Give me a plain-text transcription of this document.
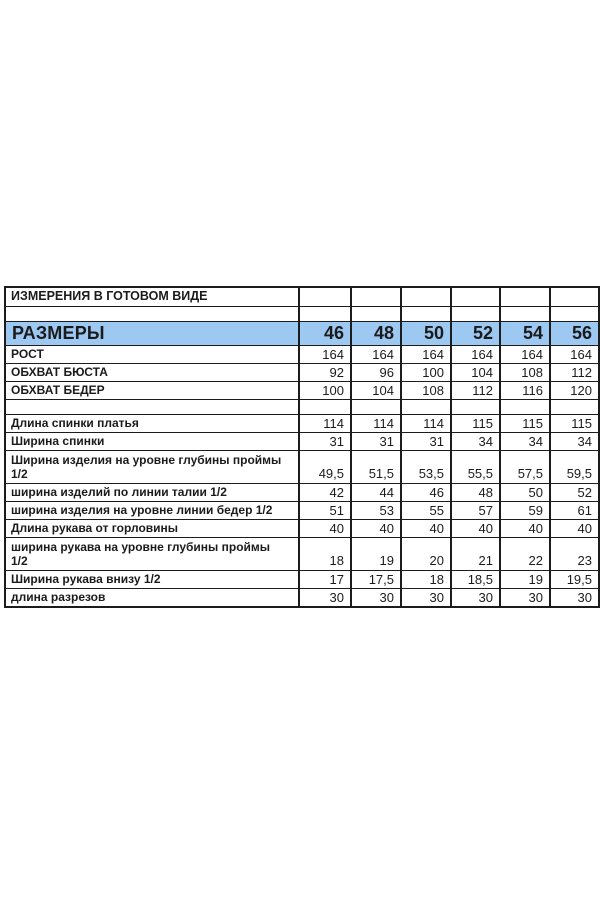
ИЗМЕРЕНИЯ В ГОТОВОМ ВИДЕ						

РАЗМЕРЫ	46	48	50	52	54	56
РОСТ	164	164	164	164	164	164
ОБХВАТ БЮСТА	92	96	100	104	108	112
ОБХВАТ БЕДЕР	100	104	108	112	116	120

Длина спинки платья	114	114	114	115	115	115
Ширина спинки	31	31	31	34	34	34

Ширина изделия на уровне глубины проймы
1/2	49,5	51,5	53,5	55,5	57,5	59,5
ширина изделий по линии талии 1/2	42	44	46	48	50	52
ширина изделия на уровне линии бедер 1/2	51	53	55	57	59	61
Длина рукава от горловины	40	40	40	40	40	40

ширина рукава на уровне глубины проймы
1/2	18	19	20	21	22	23
Ширина рукава внизу 1/2	17	17,5	18	18,5	19	19,5
длина разрезов	30	30	30	30	30	30
